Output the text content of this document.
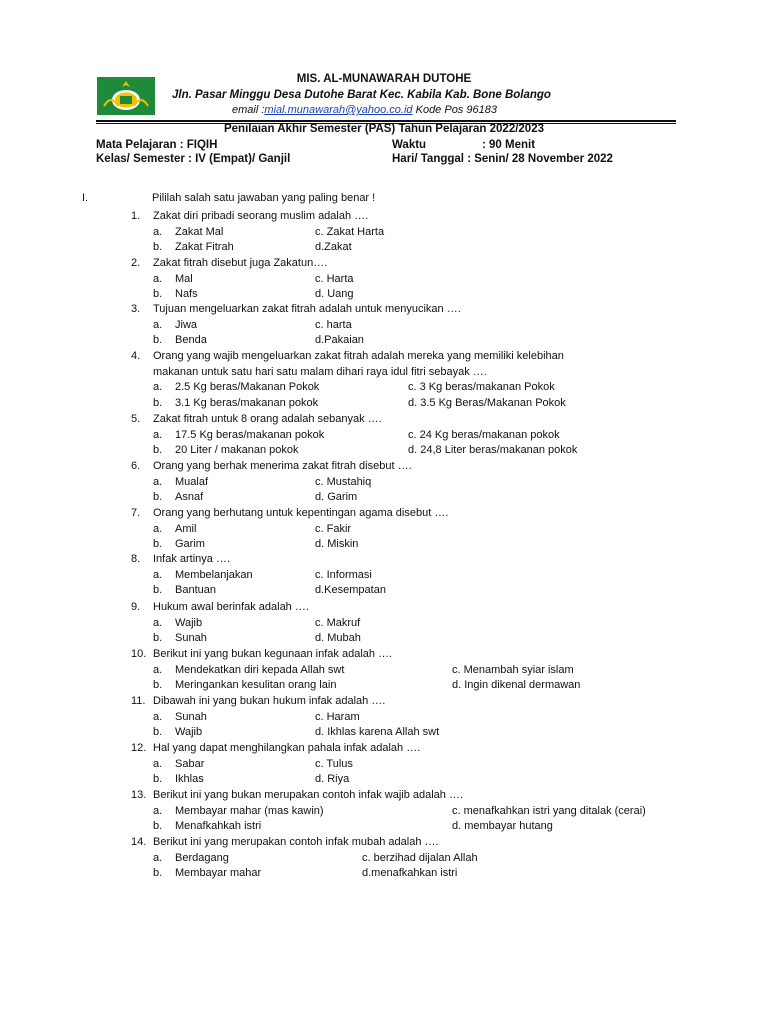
MIS. AL-MUNAWARAH DUTOHE
Jln. Pasar Minggu Desa Dutohe Barat Kec. Kabila Kab. Bone Bolango
email :mial.munawarah@yahoo.co.id Kode Pos 96183
Penilaian Akhir Semester (PAS) Tahun Pelajaran 2022/2023
Mata Pelajaran : FIQIH	Waktu	: 90 Menit
Kelas/ Semester : IV (Empat)/ Ganjil	Hari/ Tanggal : Senin/ 28 November 2022
I.	Pililah salah satu jawaban yang paling benar !
1. Zakat diri pribadi seorang muslim adalah ….
a. Zakat Mal	c. Zakat Harta
b. Zakat Fitrah	d.Zakat
2. Zakat fitrah disebut juga Zakatun….
a. Mal	c. Harta
b. Nafs	d. Uang
3. Tujuan mengeluarkan zakat fitrah adalah untuk menyucikan ….
a. Jiwa	c. harta
b. Benda	d.Pakaian
4. Orang yang wajib mengeluarkan zakat fitrah adalah mereka yang memiliki kelebihan
makanan untuk satu hari satu malam dihari raya idul fitri sebayak ….
a. 2.5 Kg beras/Makanan Pokok	c. 3 Kg beras/makanan Pokok
b. 3.1 Kg beras/makanan pokok	d. 3.5 Kg Beras/Makanan Pokok
5. Zakat fitrah untuk 8 orang adalah sebanyak ….
a. 17.5 Kg beras/makanan pokok	c. 24 Kg beras/makanan pokok
b. 20 Liter / makanan pokok	d. 24,8 Liter beras/makanan pokok
6. Orang yang berhak menerima zakat fitrah disebut ….
a. Mualaf	c. Mustahiq
b. Asnaf	d. Garim
7. Orang yang berhutang untuk kepentingan agama disebut ….
a. Amil	c. Fakir
b. Garim	d. Miskin
8. Infak artinya ….
a. Membelanjakan	c. Informasi
b. Bantuan	d.Kesempatan
9. Hukum awal berinfak adalah ….
a. Wajib	c. Makruf
b. Sunah	d. Mubah
10. Berikut ini yang bukan kegunaan infak adalah ….
a. Mendekatkan diri kepada Allah swt	c. Menambah syiar islam
b. Meringankan kesulitan orang lain	d. Ingin dikenal dermawan
11. Dibawah ini yang bukan hukum infak adalah ….
a. Sunah	c. Haram
b. Wajib	d. Ikhlas karena Allah swt
12. Hal yang dapat menghilangkan pahala infak adalah ….
a. Sabar	c. Tulus
b. Ikhlas	d. Riya
13. Berikut ini yang bukan merupakan contoh infak wajib adalah ….
a. Membayar mahar (mas kawin)	c. menafkahkan istri yang ditalak (cerai)
b. Menafkahkah istri	d. membayar hutang
14. Berikut ini yang merupakan contoh infak mubah adalah ….
a. Berdagang	c. berzihad dijalan Allah
b. Membayar mahar	d.menafkahkan istri
